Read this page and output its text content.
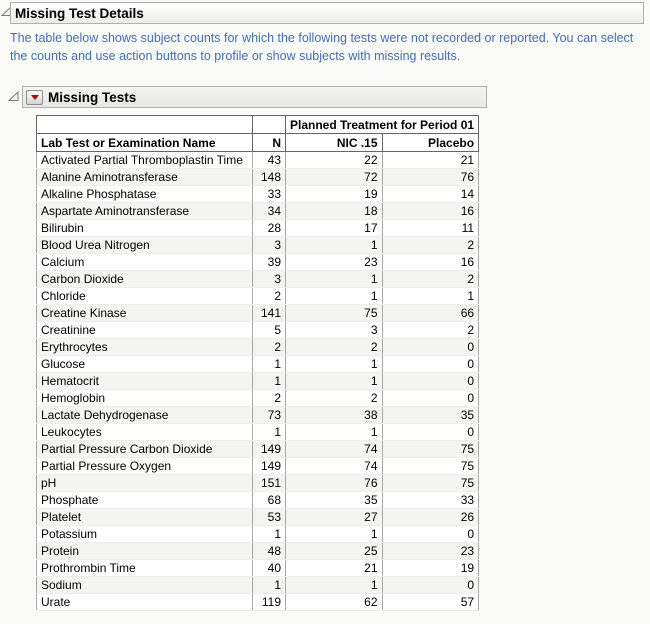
Missing Test Details
The table below shows subject counts for which the following tests were not recorded or reported. You can select the counts and use action buttons to profile or show subjects with missing results.
Missing Tests
		Planned Treatment for Period 01	
Lab Test or Examination Name	N	NIC .15	Placebo
Activated Partial Thromboplastin Time	43	22	21
Alanine Aminotransferase	148	72	76
Alkaline Phosphatase	33	19	14
Aspartate Aminotransferase	34	18	16
Bilirubin	28	17	11
Blood Urea Nitrogen	3	1	2
Calcium	39	23	16
Carbon Dioxide	3	1	2
Chloride	2	1	1
Creatine Kinase	141	75	66
Creatinine	5	3	2
Erythrocytes	2	2	0
Glucose	1	1	0
Hematocrit	1	1	0
Hemoglobin	2	2	0
Lactate Dehydrogenase	73	38	35
Leukocytes	1	1	0
Partial Pressure Carbon Dioxide	149	74	75
Partial Pressure Oxygen	149	74	75
pH	151	76	75
Phosphate	68	35	33
Platelet	53	27	26
Potassium	1	1	0
Protein	48	25	23
Prothrombin Time	40	21	19
Sodium	1	1	0
Urate	119	62	57
